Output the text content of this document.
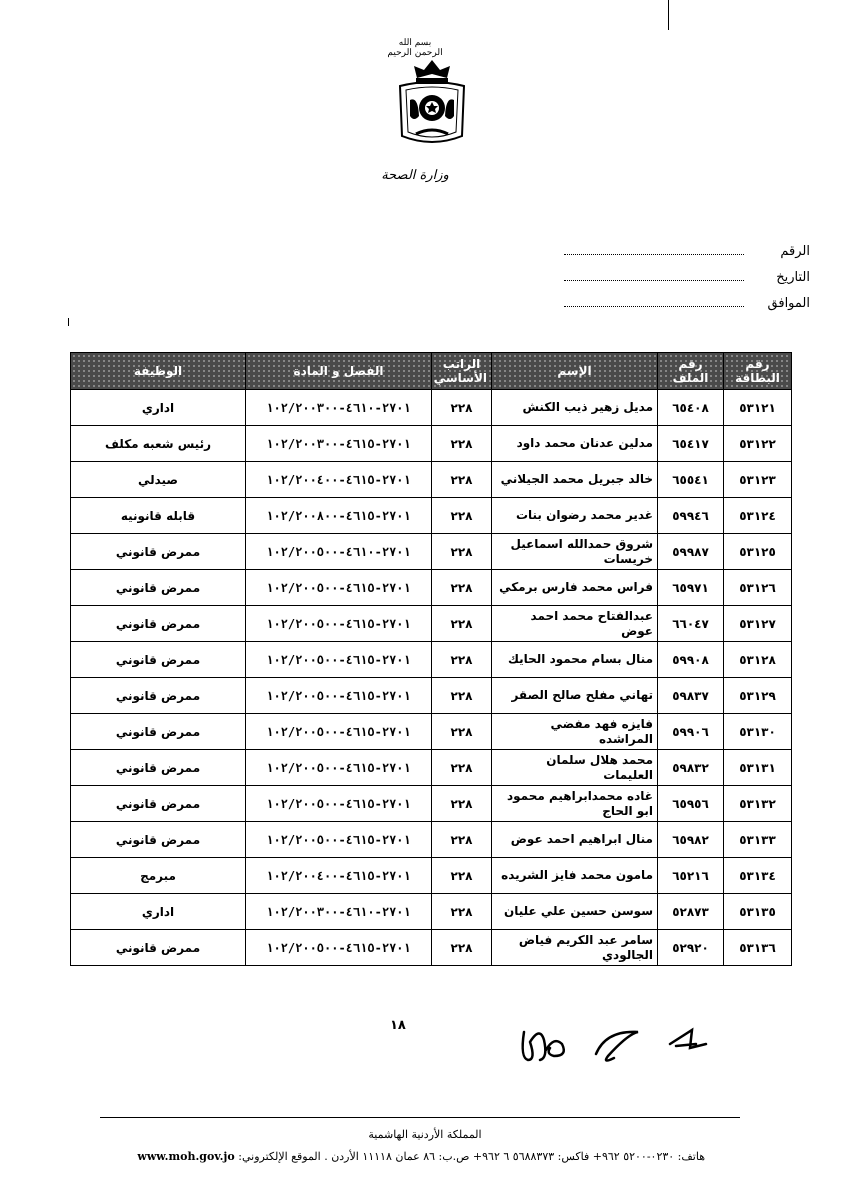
بسم الله الرحمن الرحيم
وزارة الصحة
الرقم
التاريخ
الموافق
رقم البطاقة	رقم الملف	الإسم	الراتب الأساسي	الفصل و المادة	الوظيفة
٥٣١٢١	٦٥٤٠٨	مديل زهير ذيب الكنش	٢٢٨	٢٧٠١-٤٦١٠-١٠٢/٢٠٠٣٠٠	اداري
٥٣١٢٢	٦٥٤١٧	مدلين عدنان محمد داود	٢٢٨	٢٧٠١-٤٦١٥-١٠٢/٢٠٠٣٠٠	رئيس شعبه مكلف
٥٣١٢٣	٦٥٥٤١	خالد جبريل محمد الجيلاني	٢٢٨	٢٧٠١-٤٦١٥-١٠٢/٢٠٠٤٠٠	صيدلي
٥٣١٢٤	٥٩٩٤٦	غدير محمد رضوان بنات	٢٢٨	٢٧٠١-٤٦١٥-١٠٢/٢٠٠٨٠٠	قابله قانونيه
٥٣١٢٥	٥٩٩٨٧	شروق حمدالله اسماعيل خريسات	٢٢٨	٢٧٠١-٤٦١٠-١٠٢/٢٠٠٥٠٠	ممرض قانوني
٥٣١٢٦	٦٥٩٧١	فراس محمد فارس برمكي	٢٢٨	٢٧٠١-٤٦١٥-١٠٢/٢٠٠٥٠٠	ممرض قانوني
٥٣١٢٧	٦٦٠٤٧	عبدالفتاح محمد احمد عوض	٢٢٨	٢٧٠١-٤٦١٥-١٠٢/٢٠٠٥٠٠	ممرض قانوني
٥٣١٢٨	٥٩٩٠٨	منال بسام محمود الحايك	٢٢٨	٢٧٠١-٤٦١٥-١٠٢/٢٠٠٥٠٠	ممرض قانوني
٥٣١٢٩	٥٩٨٣٧	تهاني مفلح صالح الصقر	٢٢٨	٢٧٠١-٤٦١٥-١٠٢/٢٠٠٥٠٠	ممرض قانوني
٥٣١٣٠	٥٩٩٠٦	فايزه فهد مفضي المراشده	٢٢٨	٢٧٠١-٤٦١٥-١٠٢/٢٠٠٥٠٠	ممرض قانوني
٥٣١٣١	٥٩٨٣٢	محمد هلال سلمان العليمات	٢٢٨	٢٧٠١-٤٦١٥-١٠٢/٢٠٠٥٠٠	ممرض قانوني
٥٣١٣٢	٦٥٩٥٦	غاده محمدابراهيم محمود ابو الحاج	٢٢٨	٢٧٠١-٤٦١٥-١٠٢/٢٠٠٥٠٠	ممرض قانوني
٥٣١٣٣	٦٥٩٨٢	منال ابراهيم احمد عوض	٢٢٨	٢٧٠١-٤٦١٥-١٠٢/٢٠٠٥٠٠	ممرض قانوني
٥٣١٣٤	٦٥٢١٦	مامون محمد فايز الشريده	٢٢٨	٢٧٠١-٤٦١٥-١٠٢/٢٠٠٤٠٠	مبرمج
٥٣١٣٥	٥٢٨٧٣	سوسن حسين علي عليان	٢٢٨	٢٧٠١-٤٦١٠-١٠٢/٢٠٠٣٠٠	اداري
٥٣١٣٦	٥٢٩٢٠	سامر عبد الكريم فياض الجالودي	٢٢٨	٢٧٠١-٤٦١٥-١٠٢/٢٠٠٥٠٠	ممرض قانوني
١٨
المملكة الأردنية الهاشمية
هاتف: ٠٢٣٠-٥٢٠٠ ٩٦٢+ فاكس: ٥٦٨٨٣٧٣ ٦ ٩٦٢+ ص.ب: ٨٦ عمان ١١١١٨ الأردن . الموقع الإلكتروني: www.moh.gov.jo
